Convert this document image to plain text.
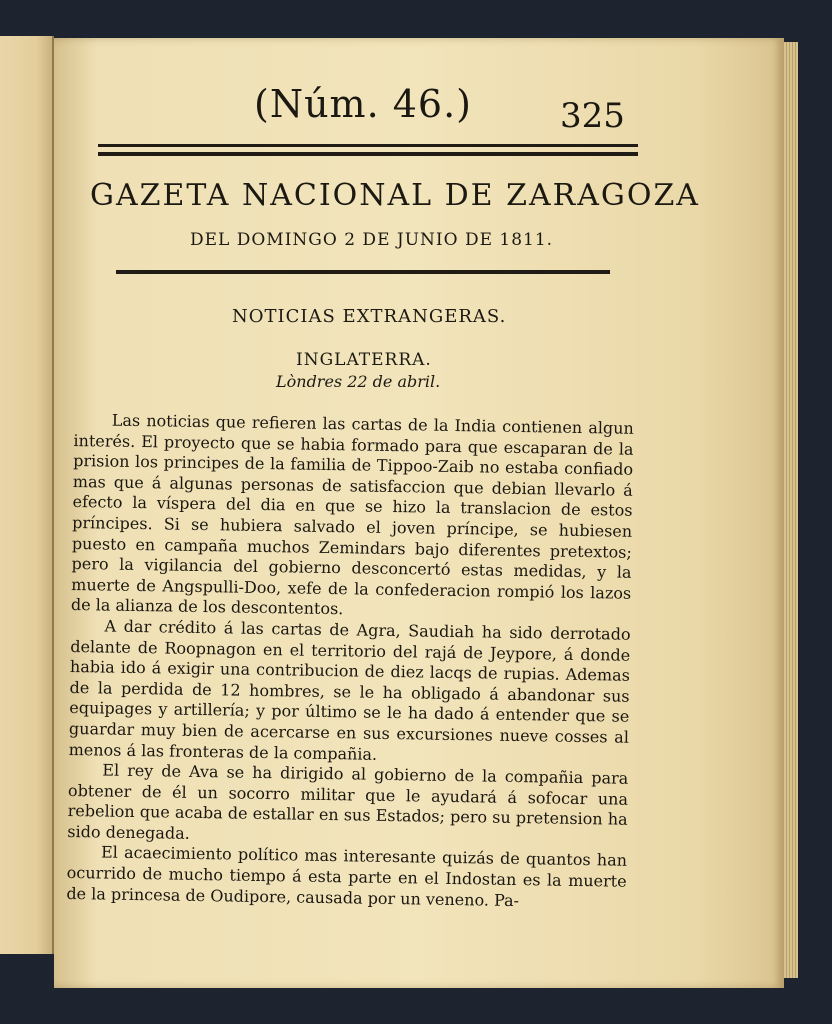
(Núm. 46.)	325
GAZETA NACIONAL DE ZARAGOZA
DEL DOMINGO 2 DE JUNIO DE 1811.
NOTICIAS EXTRANGERAS.
INGLATERRA.
Lòndres 22 de abril.

Las noticias que refieren las cartas de la India contienen algun interés. El proyecto que se habia formado para que escaparan de la prision los principes de la familia de Tippoo-Zaib no estaba confiado mas que á algunas personas de satisfaccion que debian llevarlo á efecto la víspera del dia en que se hizo la translacion de estos príncipes. Si se hubiera salvado el joven príncipe, se hubiesen puesto en campaña muchos Zemindars bajo diferentes pretextos; pero la vigilancia del gobierno desconcertó estas medidas, y la muerte de Angspulli-Doo, xefe de la confederacion rompió los lazos de la alianza de los descontentos.

A dar crédito á las cartas de Agra, Saudiah ha sido derrotado delante de Roopnagon en el territorio del rajá de Jeypore, á donde habia ido á exigir una contribucion de diez lacqs de rupias. Ademas de la perdida de 12 hombres, se le ha obligado á abandonar sus equipages y artillería; y por último se le ha dado á entender que se guardar muy bien de acercarse en sus excursiones nueve cosses al menos á las fronteras de la compañia.

El rey de Ava se ha dirigido al gobierno de la compañia para obtener de él un socorro militar que le ayudará á sofocar una rebelion que acaba de estallar en sus Estados; pero su pretension ha sido denegada.

El acaecimiento político mas interesante quizás de quantos han ocurrido de mucho tiempo á esta parte en el Indostan es la muerte de la princesa de Oudipore, causada por un veneno. Pa-
